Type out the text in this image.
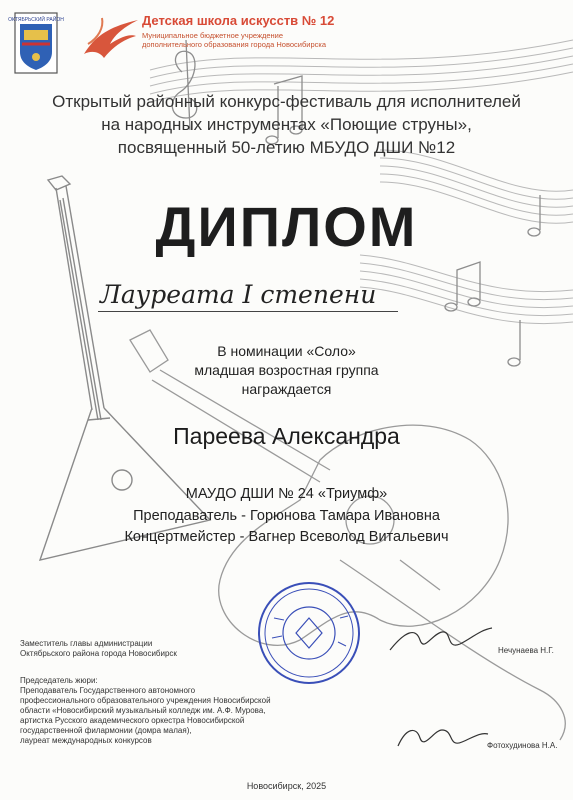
ОКТЯБРЬСКИЙ РАЙОН	Детская школа искусств № 12
Муниципальное бюджетное учреждение дополнительного образования города Новосибирска
Открытый районный конкурс-фестиваль для исполнителей
на народных инструментах «Поющие струны»,
посвященный 50-летию МБУДО ДШИ №12
ДИПЛОМ
Лауреата I степени
В номинации «Соло»
младшая возростная группа
награждается
Пареева Александра
МАУДО ДШИ № 24 «Триумф»
Преподаватель - Горюнова Тамара Ивановна
Концертмейстер - Вагнер Всеволод Витальевич
Заместитель главы администрации
Октябрьского района города Новосибирск	Нечунаева Н.Г.
Председатель жюри:
Преподаватель Государственного автономного
профессионального образовательного учреждения Новосибирской
области «Новосибирский музыкальный колледж им. А.Ф. Мурова,
артистка Русского академического оркестра Новосибирской
государственной филармонии (домра малая),
лауреат международных конкурсов
Фотохудинова Н.А.
Новосибирск, 2025
